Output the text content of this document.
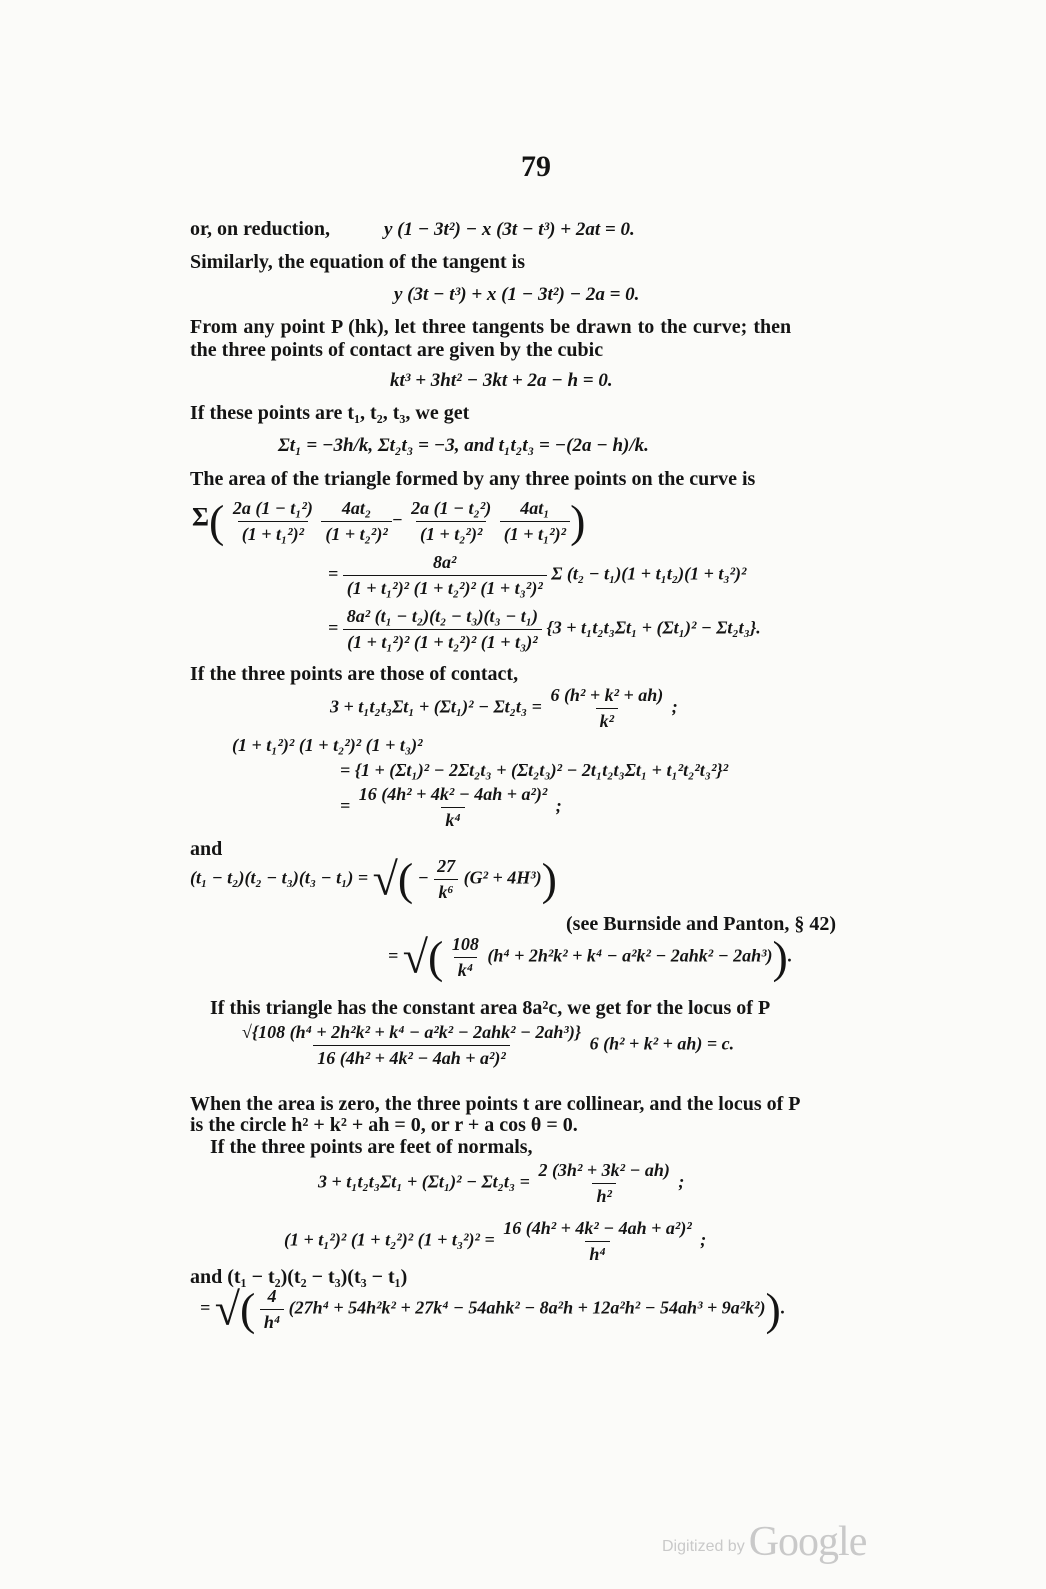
79
or, on reduction,	y (1 − 3t²) − x (3t − t³) + 2at = 0.
Similarly, the equation of the tangent is
y (3t − t³) + x (1 − 3t²) − 2a = 0.
From any point P (hk), let three tangents be drawn to the curve; then
the three points of contact are given by the cubic
kt³ + 3ht² − 3kt + 2a − h = 0.
If these points are t₁, t₂, t₃, we get
Σt₁ = −3h/k, Σt₂t₃ = −3, and t₁t₂t₃ = −(2a − h)/k.
The area of the triangle formed by any three points on the curve is
$\Sigma( \frac{\text{2a (1 − t₁²)}}{\text{(1 + t₁²)²}}$
$\frac{\text{4at₂}}{\text{(1 + t₂²)²}} - \frac{\text{2a (1 − t₂²)}}{\text{(1 + t₂²)²}}$
$\frac{\text{4at₁}}{\text{(1 + t₁²)²}}$ )
= $\frac{\text{8a²}}{\text{(1 + t₁²)² (1 + t₂²)² (1 + t₃²)²}}$ Σ (t₂ − t₁)(1 + t₁t₂)(1 + t₃²)²
= $\frac{\text{8a² (t₁ − t₂)(t₂ − t₃)(t₃ − t₁)}}{\text{(1 + t₁²)² (1 + t₂²)² (1 + t₃)²}} \{3 + t_1t_2t_3\Sigma t_1 + (\Sigma t_1)^2 - \Sigma t_2t_3\}$.
If the three points are those of contact,
$3 + t_1t_2t_3\Sigma t_1 + (\Sigma t_1)^2 - \Sigma t_2t_3 = \frac{\text{6 (h² + k² + ah)}}{\text{k²}}$ ;
(1 + t₁²)² (1 + t₂²)² (1 + t₃)²
= {1 + (Σt₁)² − 2Σt₂t₃ + (Σt₂t₃)² − 2t₁t₂t₃Σt₁ + t₁²t₂²t₃²}²
= $\frac{\text{16 (4h² + 4k² − 4ah + a²)²}}{\text{k⁴}}$ ;
and
(t₁ − t₂)(t₂ − t₃)(t₃ − t₁) = √( − $\frac{27}{\text{k⁶}} (G^2 + 4H^3)$)
(see Burnside and Panton, § 42)
= √( $\frac{108}{\text{k⁴}} (h^4 + 2h^2k^2 + k^4 - a^2k^2 - 2ahk^2 - 2ah^3)$).
If this triangle has the constant area 8a²c, we get for the locus of P
$\frac{\text{√\{108 (h⁴ + 2h²k² + k⁴ − a²k² − 2ahk² − 2ah³)\}}}{\text{16 (4h² + 4k² − 4ah + a²)²}} 6$ (h² + k² + ah) = c.
When the area is zero, the three points t are collinear, and the locus of P
is the circle h² + k² + ah = 0, or r + a cos θ = 0.
If the three points are feet of normals,
$3 + t_1t_2t_3\Sigma t_1 + (\Sigma t_1)^2 - \Sigma t_2t_3 = \frac{\text{2 (3h² + 3k² − ah)}}{\text{h²}}$ ;
(1 + t₁²)² (1 + t₂²)² $(1 + t_3^2)^2 = \frac{\text{16 (4h² + 4k² − 4ah + a²)²}}{\text{h⁴}}$ ;
and (t₁ − t₂)(t₂ − t₃)(t₃ − t₁)
= √( $\frac{4}{\text{h⁴}} (27h^4 + 54h^2k^2 + 27k^4 - 54ahk^2 - 8a^2h + 12a^2h^2 - 54ah^3 + 9a^2k^2)$).
Digitized by Google
